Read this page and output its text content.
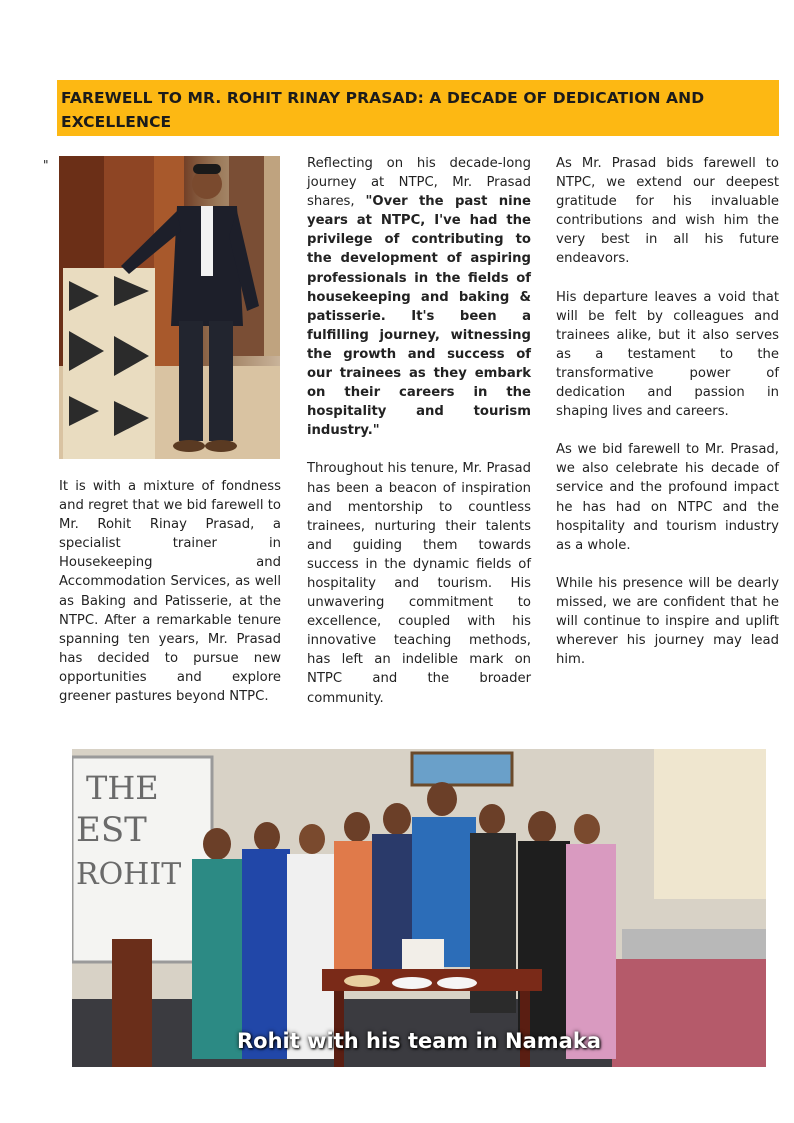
FAREWELL TO MR. ROHIT RINAY PRASAD: A DECADE OF DEDICATION AND EXCELLENCE
"

It is with a mixture of fondness and regret that we bid farewell to Mr. Rohit Rinay Prasad, a specialist trainer in Housekeeping and Accommodation Services, as well as Baking and Patisserie, at the NTPC. After a remarkable tenure spanning ten years, Mr. Prasad has decided to pursue new opportunities and explore greener pastures beyond NTPC.

Reflecting on his decade-long journey at NTPC, Mr. Prasad shares, "Over the past nine years at NTPC, I've had the privilege of contributing to the development of aspiring professionals in the fields of housekeeping and baking & patisserie. It's been a fulfilling journey, witnessing the growth and success of our trainees as they embark on their careers in the hospitality and tourism industry."

Throughout his tenure, Mr. Prasad has been a beacon of inspiration and mentorship to countless trainees, nurturing their talents and guiding them towards success in the dynamic fields of hospitality and tourism. His unwavering commitment to excellence, coupled with his innovative teaching methods, has left an indelible mark on NTPC and the broader community.

As Mr. Prasad bids farewell to NTPC, we extend our deepest gratitude for his invaluable contributions and wish him the very best in all his future endeavors.

His departure leaves a void that will be felt by colleagues and trainees alike, but it also serves as a testament to the transformative power of dedication and passion in shaping lives and careers.

As we bid farewell to Mr. Prasad, we also celebrate his decade of service and the profound impact he has had on NTPC and the hospitality and tourism industry as a whole.

While his presence will be dearly missed, we are confident that he will continue to inspire and uplift wherever his journey may lead him.

THE
EST
ROHIT
Rohit with his team in Namaka
